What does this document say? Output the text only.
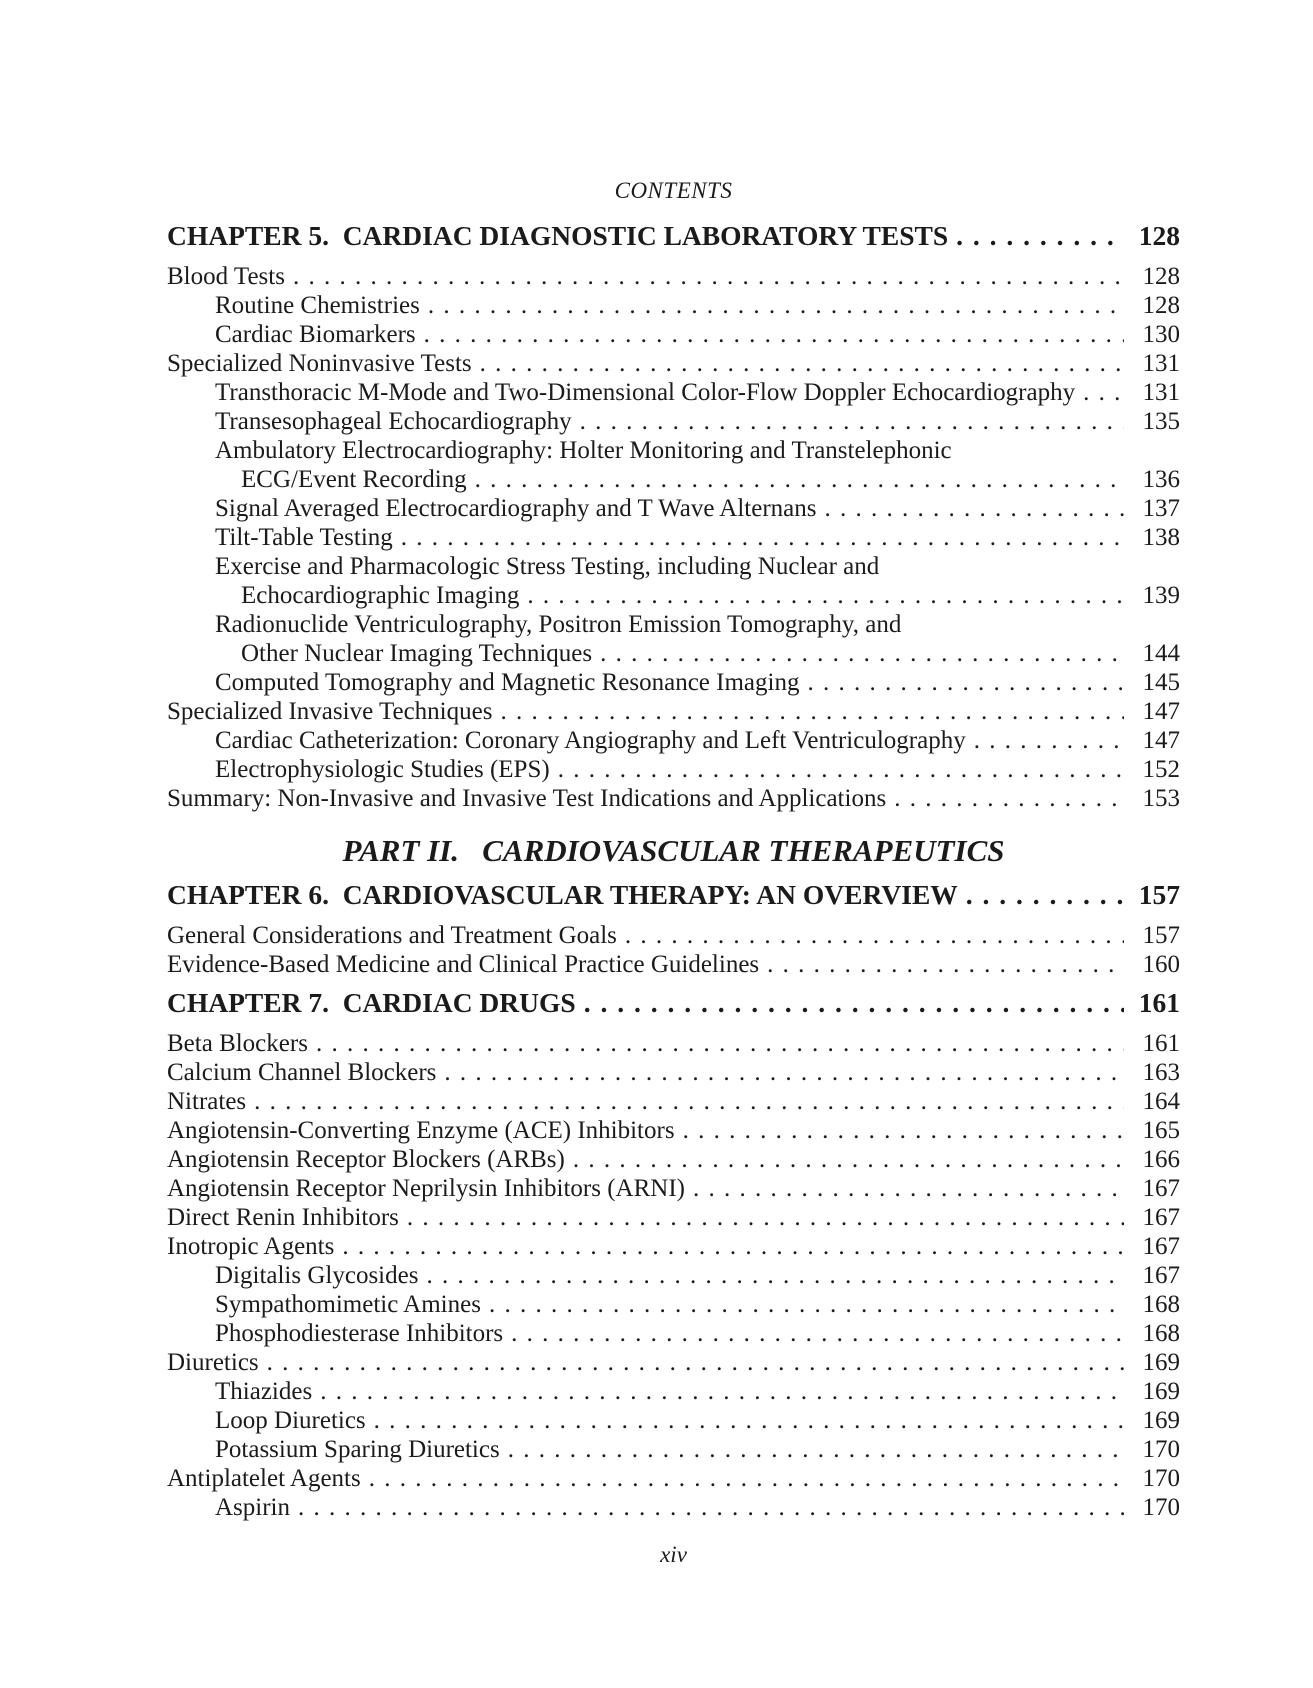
CONTENTS
CHAPTER 5.  CARDIAC DIAGNOSTIC LABORATORY TESTS . . .	128
Blood Tests . . .	128
Routine Chemistries . . .	128
Cardiac Biomarkers . . .	130
Specialized Noninvasive Tests . . .	131
Transthoracic M-Mode and Two-Dimensional Color-Flow Doppler Echocardiography . . .	131
Transesophageal Echocardiography . . .	135
Ambulatory Electrocardiography: Holter Monitoring and Transtelephonic
ECG/Event Recording . . .	136
Signal Averaged Electrocardiography and T Wave Alternans . . .	137
Tilt-Table Testing . . .	138
Exercise and Pharmacologic Stress Testing, including Nuclear and
Echocardiographic Imaging . . .	139
Radionuclide Ventriculography, Positron Emission Tomography, and
Other Nuclear Imaging Techniques . . .	144
Computed Tomography and Magnetic Resonance Imaging . . .	145
Specialized Invasive Techniques . . .	147
Cardiac Catheterization: Coronary Angiography and Left Ventriculography . . .	147
Electrophysiologic Studies (EPS) . . .	152
Summary: Non-Invasive and Invasive Test Indications and Applications . . .	153
PART II.   CARDIOVASCULAR THERAPEUTICS
CHAPTER 6.  CARDIOVASCULAR THERAPY: AN OVERVIEW . . .	157
General Considerations and Treatment Goals . . .	157
Evidence-Based Medicine and Clinical Practice Guidelines . . .	160
CHAPTER 7.  CARDIAC DRUGS . . .	161
Beta Blockers . . .	161
Calcium Channel Blockers . . .	163
Nitrates . . .	164
Angiotensin-Converting Enzyme (ACE) Inhibitors . . .	165
Angiotensin Receptor Blockers (ARBs) . . .	166
Angiotensin Receptor Neprilysin Inhibitors (ARNI) . . .	167
Direct Renin Inhibitors . . .	167
Inotropic Agents . . .	167
Digitalis Glycosides . . .	167
Sympathomimetic Amines . . .	168
Phosphodiesterase Inhibitors . . .	168
Diuretics . . .	169
Thiazides . . .	169
Loop Diuretics . . .	169
Potassium Sparing Diuretics . . .	170
Antiplatelet Agents . . .	170
Aspirin . . .	170
xiv
